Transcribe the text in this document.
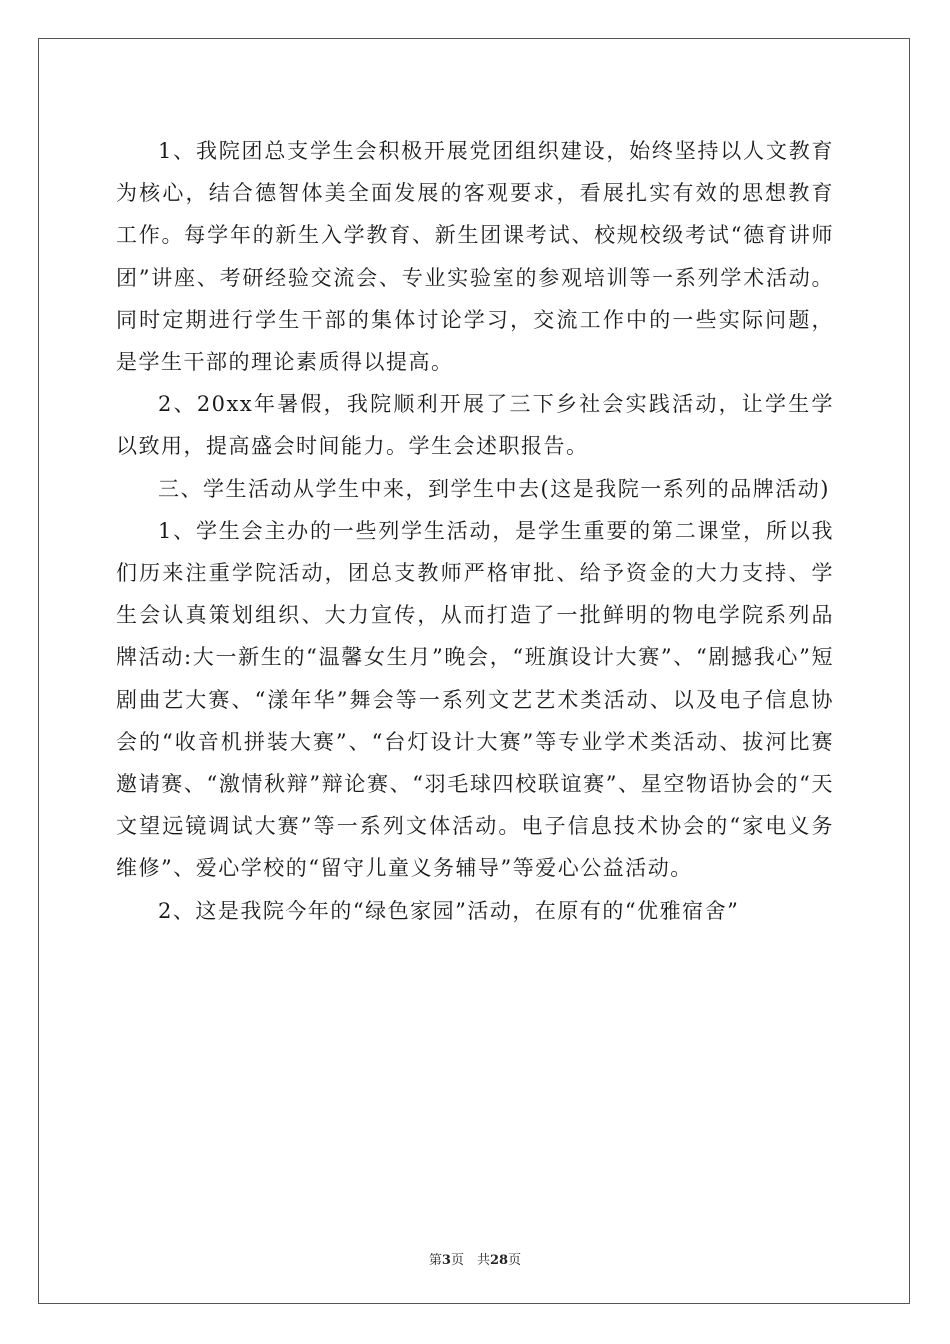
1、我院团总支学生会积极开展党团组织建设，始终坚持以人文教育为核心，结合德智体美全面发展的客观要求，看展扎实有效的思想教育工作。每学年的新生入学教育、新生团课考试、校规校级考试“德育讲师团”讲座、考研经验交流会、专业实验室的参观培训等一系列学术活动。同时定期进行学生干部的集体讨论学习，交流工作中的一些实际问题，是学生干部的理论素质得以提高。

2、20xx年暑假，我院顺利开展了三下乡社会实践活动，让学生学以致用，提高盛会时间能力。学生会述职报告。

三、学生活动从学生中来，到学生中去(这是我院一系列的品牌活动)

1、学生会主办的一些列学生活动，是学生重要的第二课堂，所以我们历来注重学院活动，团总支教师严格审批、给予资金的大力支持、学生会认真策划组织、大力宣传，从而打造了一批鲜明的物电学院系列品牌活动:大一新生的“温馨女生月”晚会，“班旗设计大赛”、“剧撼我心”短剧曲艺大赛、“漾年华”舞会等一系列文艺艺术类活动、以及电子信息协会的“收音机拼装大赛”、“台灯设计大赛”等专业学术类活动、拔河比赛邀请赛、“激情秋辩”辩论赛、“羽毛球四校联谊赛”、星空物语协会的“天文望远镜调试大赛”等一系列文体活动。电子信息技术协会的“家电义务维修”、爱心学校的“留守儿童义务辅导”等爱心公益活动。

2、这是我院今年的“绿色家园”活动，在原有的“优雅宿舍”

第3页　共28页
